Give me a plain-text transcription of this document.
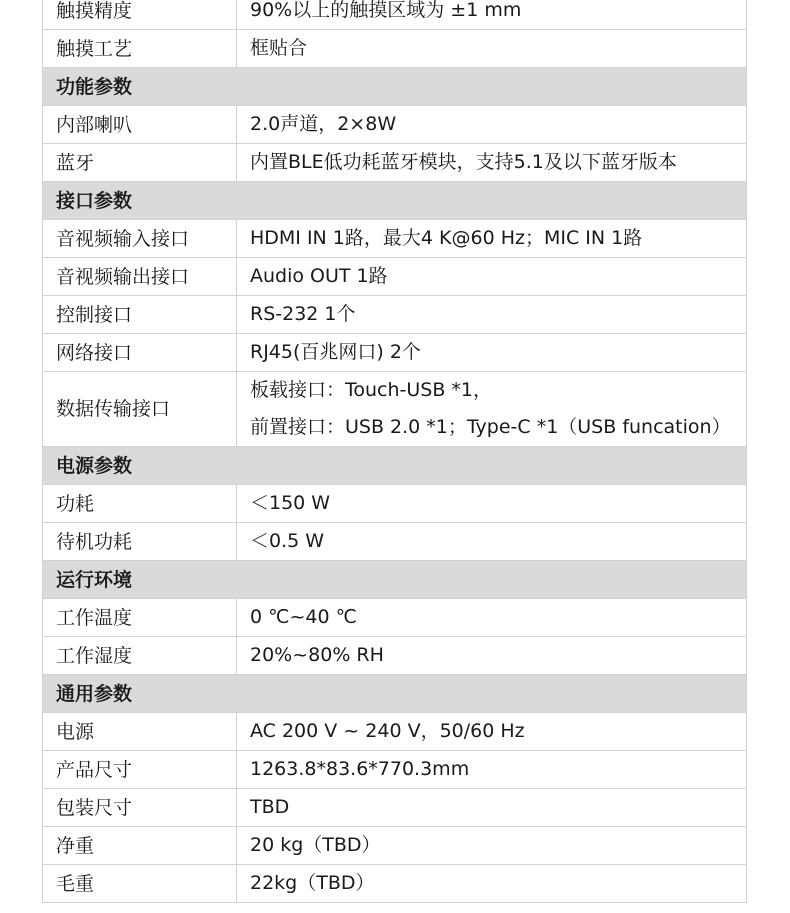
触摸精度	90%以上的触摸区域为 ±1 mm

触摸工艺	框贴合

功能参数	
内部喇叭	2.0声道，2×8W

蓝牙	内置BLE低功耗蓝牙模块，支持5.1及以下蓝牙版本

接口参数	
音视频输入接口	HDMI IN 1路，最大4 K@60 Hz；MIC IN 1路

音视频输出接口	Audio OUT 1路

控制接口	RS-232 1个

网络接口	RJ45(百兆网口) 2个

数据传输接口	板载接口：Touch-USB *1，
前置接口：USB 2.0 *1；Type-C *1（USB funcation）

电源参数	
功耗	＜150 W

待机功耗	＜0.5 W

运行环境	
工作温度	0 ℃~40 ℃

工作湿度	20%~80% RH

通用参数	
电源	AC 200 V ~ 240 V，50/60 Hz

产品尺寸	1263.8*83.6*770.3mm

包装尺寸	TBD

净重	20 kg（TBD）

毛重	22kg（TBD）
